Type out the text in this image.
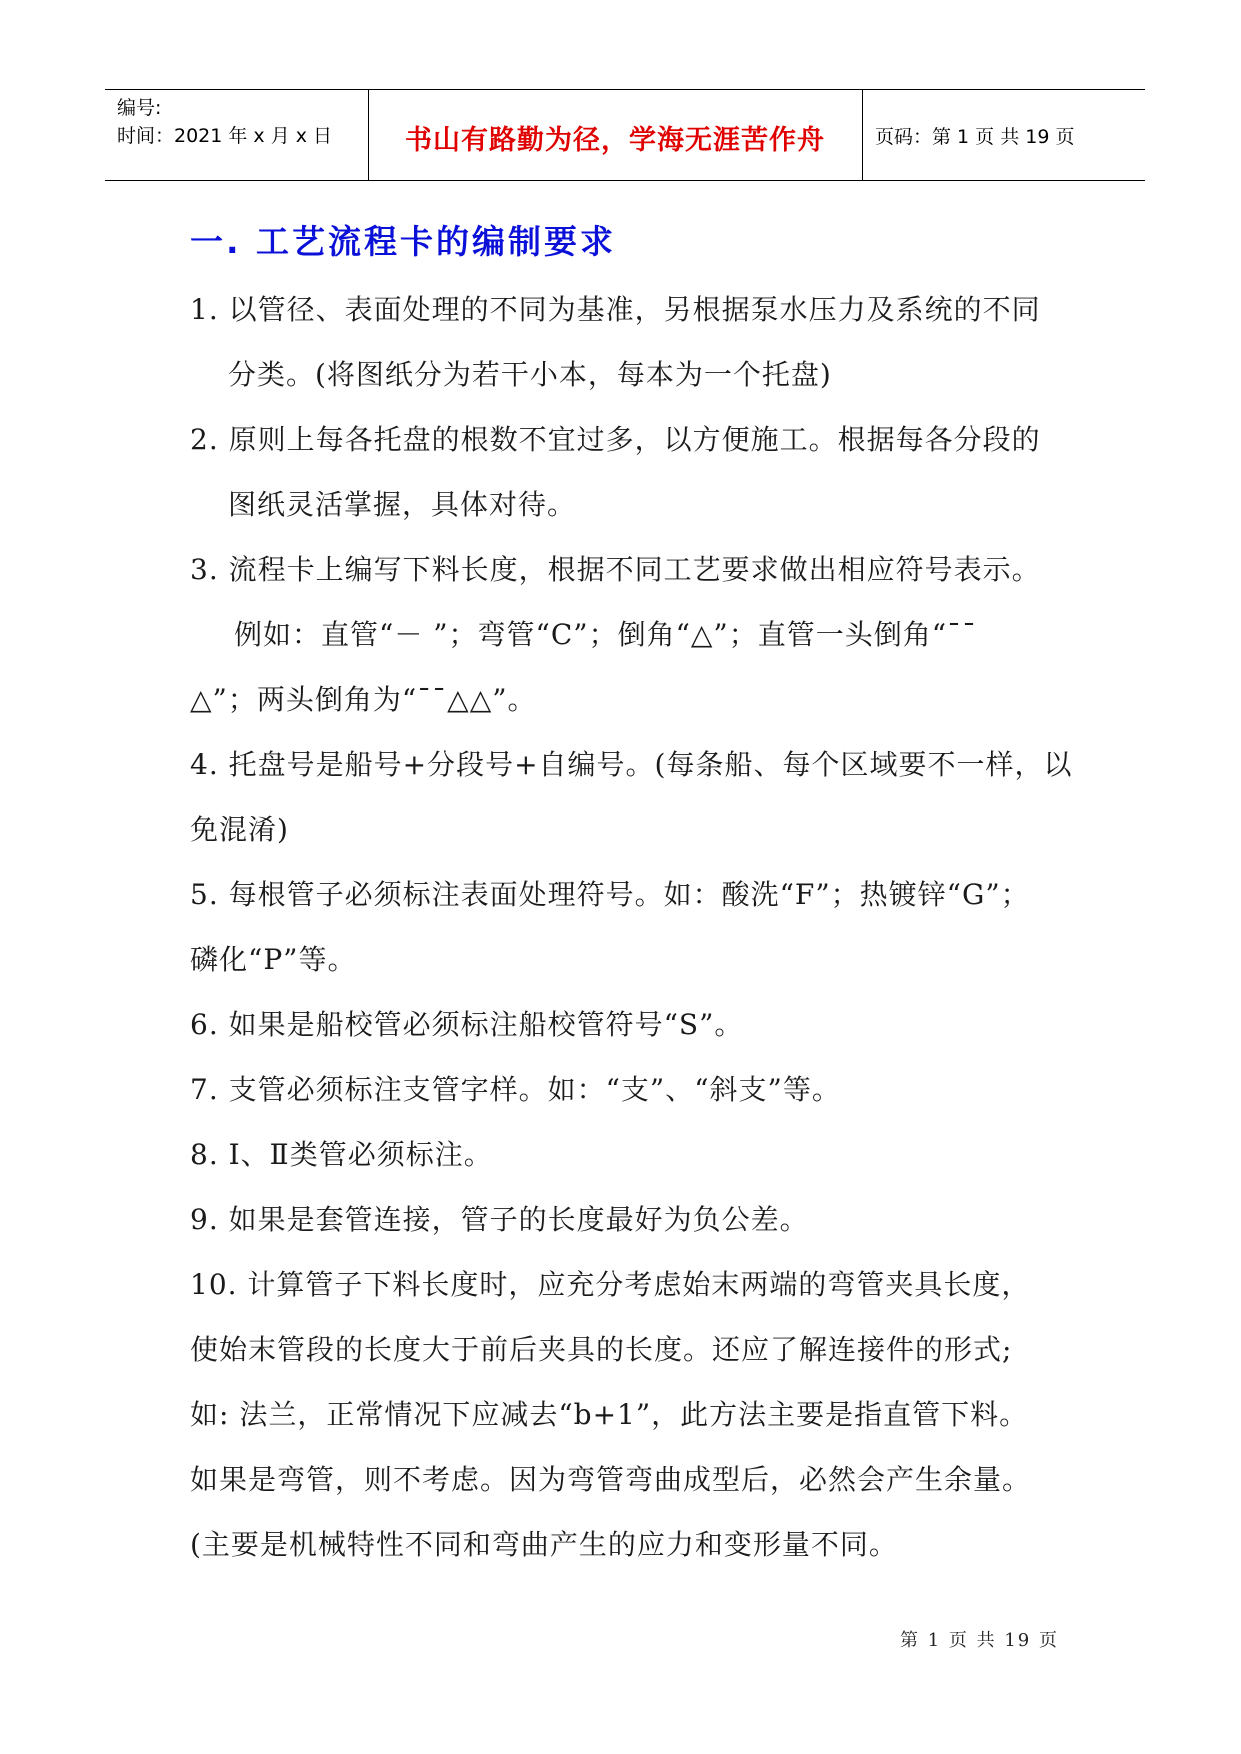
编号:
时间：2021 年 x 月 x 日	书山有路勤为径，学海无涯苦作舟	页码：第 1 页 共 19 页
一. 工艺流程卡的编制要求
1. 以管径、表面处理的不同为基准，另根据泵水压力及系统的不同
分类。(将图纸分为若干小本，每本为一个托盘)
2. 原则上每各托盘的根数不宜过多，以方便施工。根据每各分段的
图纸灵活掌握，具体对待。
3. 流程卡上编写下料长度，根据不同工艺要求做出相应符号表示。
例如：直管“－ ”；弯管“C”；倒角“△”；直管一头倒角“¯¯
△”；两头倒角为“¯¯△△”。
4. 托盘号是船号+分段号+自编号。(每条船、每个区域要不一样，以
免混淆)
5. 每根管子必须标注表面处理符号。如：酸洗“F”；热镀锌“G”；
磷化“P”等。
6. 如果是船校管必须标注船校管符号“S”。
7. 支管必须标注支管字样。如：“支”、“斜支”等。
8. Ⅰ、Ⅱ类管必须标注。
9. 如果是套管连接，管子的长度最好为负公差。
10. 计算管子下料长度时，应充分考虑始末两端的弯管夹具长度，
使始末管段的长度大于前后夹具的长度。还应了解连接件的形式;
如: 法兰，正常情况下应减去“b+1”，此方法主要是指直管下料。
如果是弯管，则不考虑。因为弯管弯曲成型后，必然会产生余量。
(主要是机械特性不同和弯曲产生的应力和变形量不同。
第 1 页 共 19 页
